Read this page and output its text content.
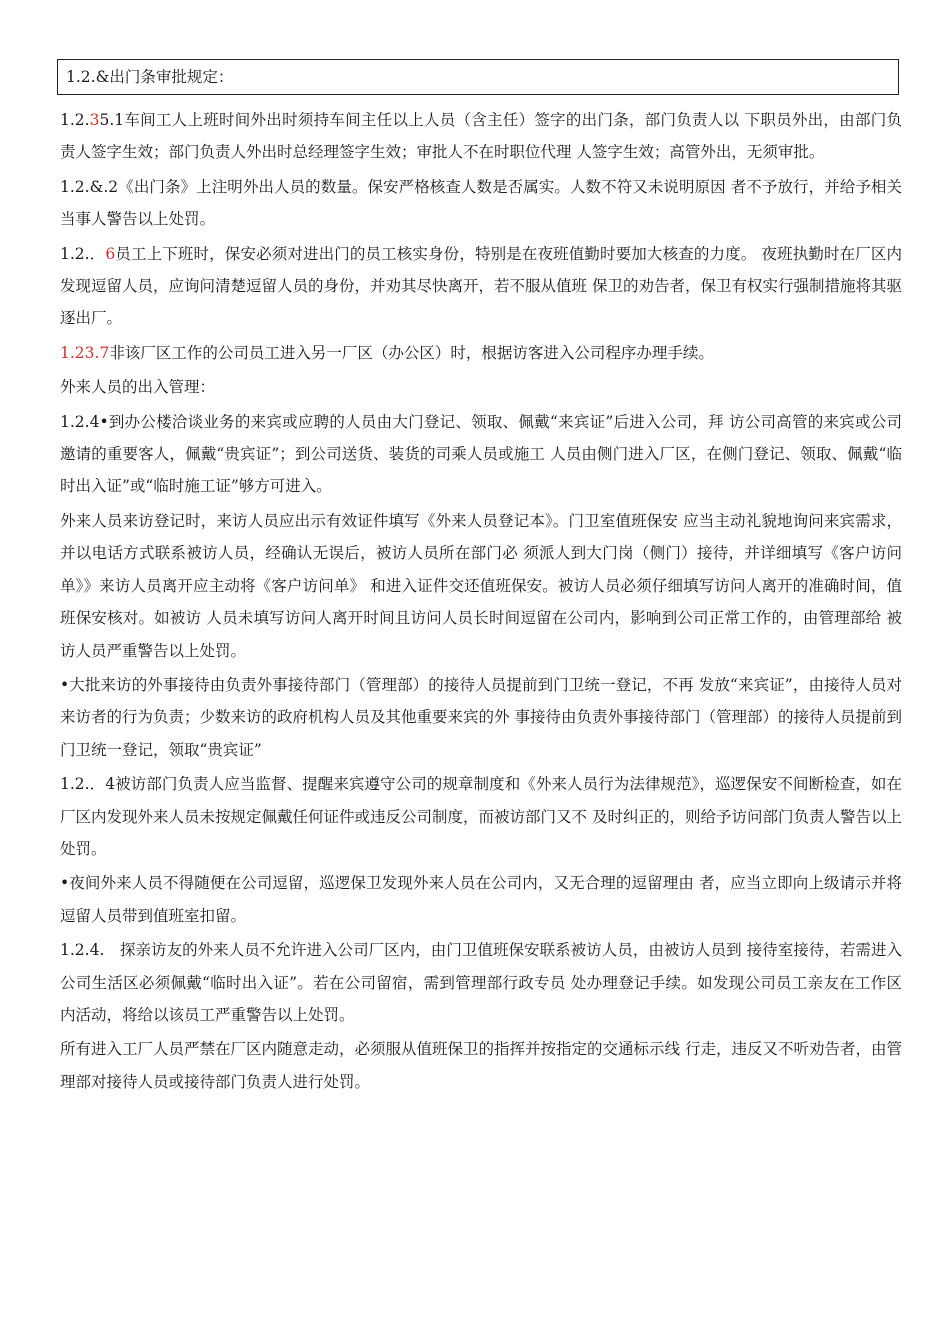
1.2.&出门条审批规定：

1.2.35.1车间工人上班时间外出时须持车间主任以上人员（含主任）签字的出门条，部门负责人以 下职员外出，由部门负责人签字生效；部门负责人外出时总经理签字生效；审批人不在时职位代理 人签字生效；高管外出，无须审批。

1.2.&.2《出门条》上注明外出人员的数量。保安严格核查人数是否属实。人数不符又未说明原因 者不予放行，并给予相关当事人警告以上处罚。

1.2.．6员工上下班时，保安必须对进出门的员工核实身份，特别是在夜班值勤时要加大核查的力度。 夜班执勤时在厂区内发现逗留人员，应询问清楚逗留人员的身份，并劝其尽快离开，若不服从值班 保卫的劝告者，保卫有权实行强制措施将其驱逐出厂。

1.23.7非该厂区工作的公司员工进入另一厂区（办公区）时，根据访客进入公司程序办理手续。

外来人员的出入管理：

1.2.4•到办公楼洽谈业务的来宾或应聘的人员由大门登记、领取、佩戴“来宾证”后进入公司，拜 访公司高管的来宾或公司邀请的重要客人，佩戴“贵宾证”；到公司送货、装货的司乘人员或施工 人员由侧门进入厂区，在侧门登记、领取、佩戴“临时出入证”或“临时施工证”够方可进入。

外来人员来访登记时，来访人员应出示有效证件填写《外来人员登记本》。门卫室值班保安 应当主动礼貌地询问来宾需求，并以电话方式联系被访人员，经确认无误后，被访人员所在部门必 须派人到大门岗（侧门）接待，并详细填写《客户访问单》》来访人员离开应主动将《客户访问单》 和进入证件交还值班保安。被访人员必须仔细填写访问人离开的准确时间，值班保安核对。如被访 人员未填写访问人离开时间且访问人员长时间逗留在公司内，影响到公司正常工作的，由管理部给 被访人员严重警告以上处罚。

•大批来访的外事接待由负责外事接待部门（管理部）的接待人员提前到门卫统一登记，不再 发放“来宾证”，由接待人员对来访者的行为负责；少数来访的政府机构人员及其他重要来宾的外 事接待由负责外事接待部门（管理部）的接待人员提前到门卫统一登记，领取“贵宾证”

1.2.．4被访部门负责人应当监督、提醒来宾遵守公司的规章制度和《外来人员行为法律规范》，巡逻保安不间断检查，如在厂区内发现外来人员未按规定佩戴任何证件或违反公司制度，而被访部门又不 及时纠正的，则给予访问部门负责人警告以上处罚。

•夜间外来人员不得随便在公司逗留，巡逻保卫发现外来人员在公司内，又无合理的逗留理由 者，应当立即向上级请示并将逗留人员带到值班室扣留。

1.2.4.　探亲访友的外来人员不允许进入公司厂区内，由门卫值班保安联系被访人员，由被访人员到 接待室接待，若需进入公司生活区必须佩戴“临时出入证”。若在公司留宿，需到管理部行政专员 处办理登记手续。如发现公司员工亲友在工作区内活动，将给以该员工严重警告以上处罚。

所有进入工厂人员严禁在厂区内随意走动，必须服从值班保卫的指挥并按指定的交通标示线 行走，违反又不听劝告者，由管理部对接待人员或接待部门负责人进行处罚。
